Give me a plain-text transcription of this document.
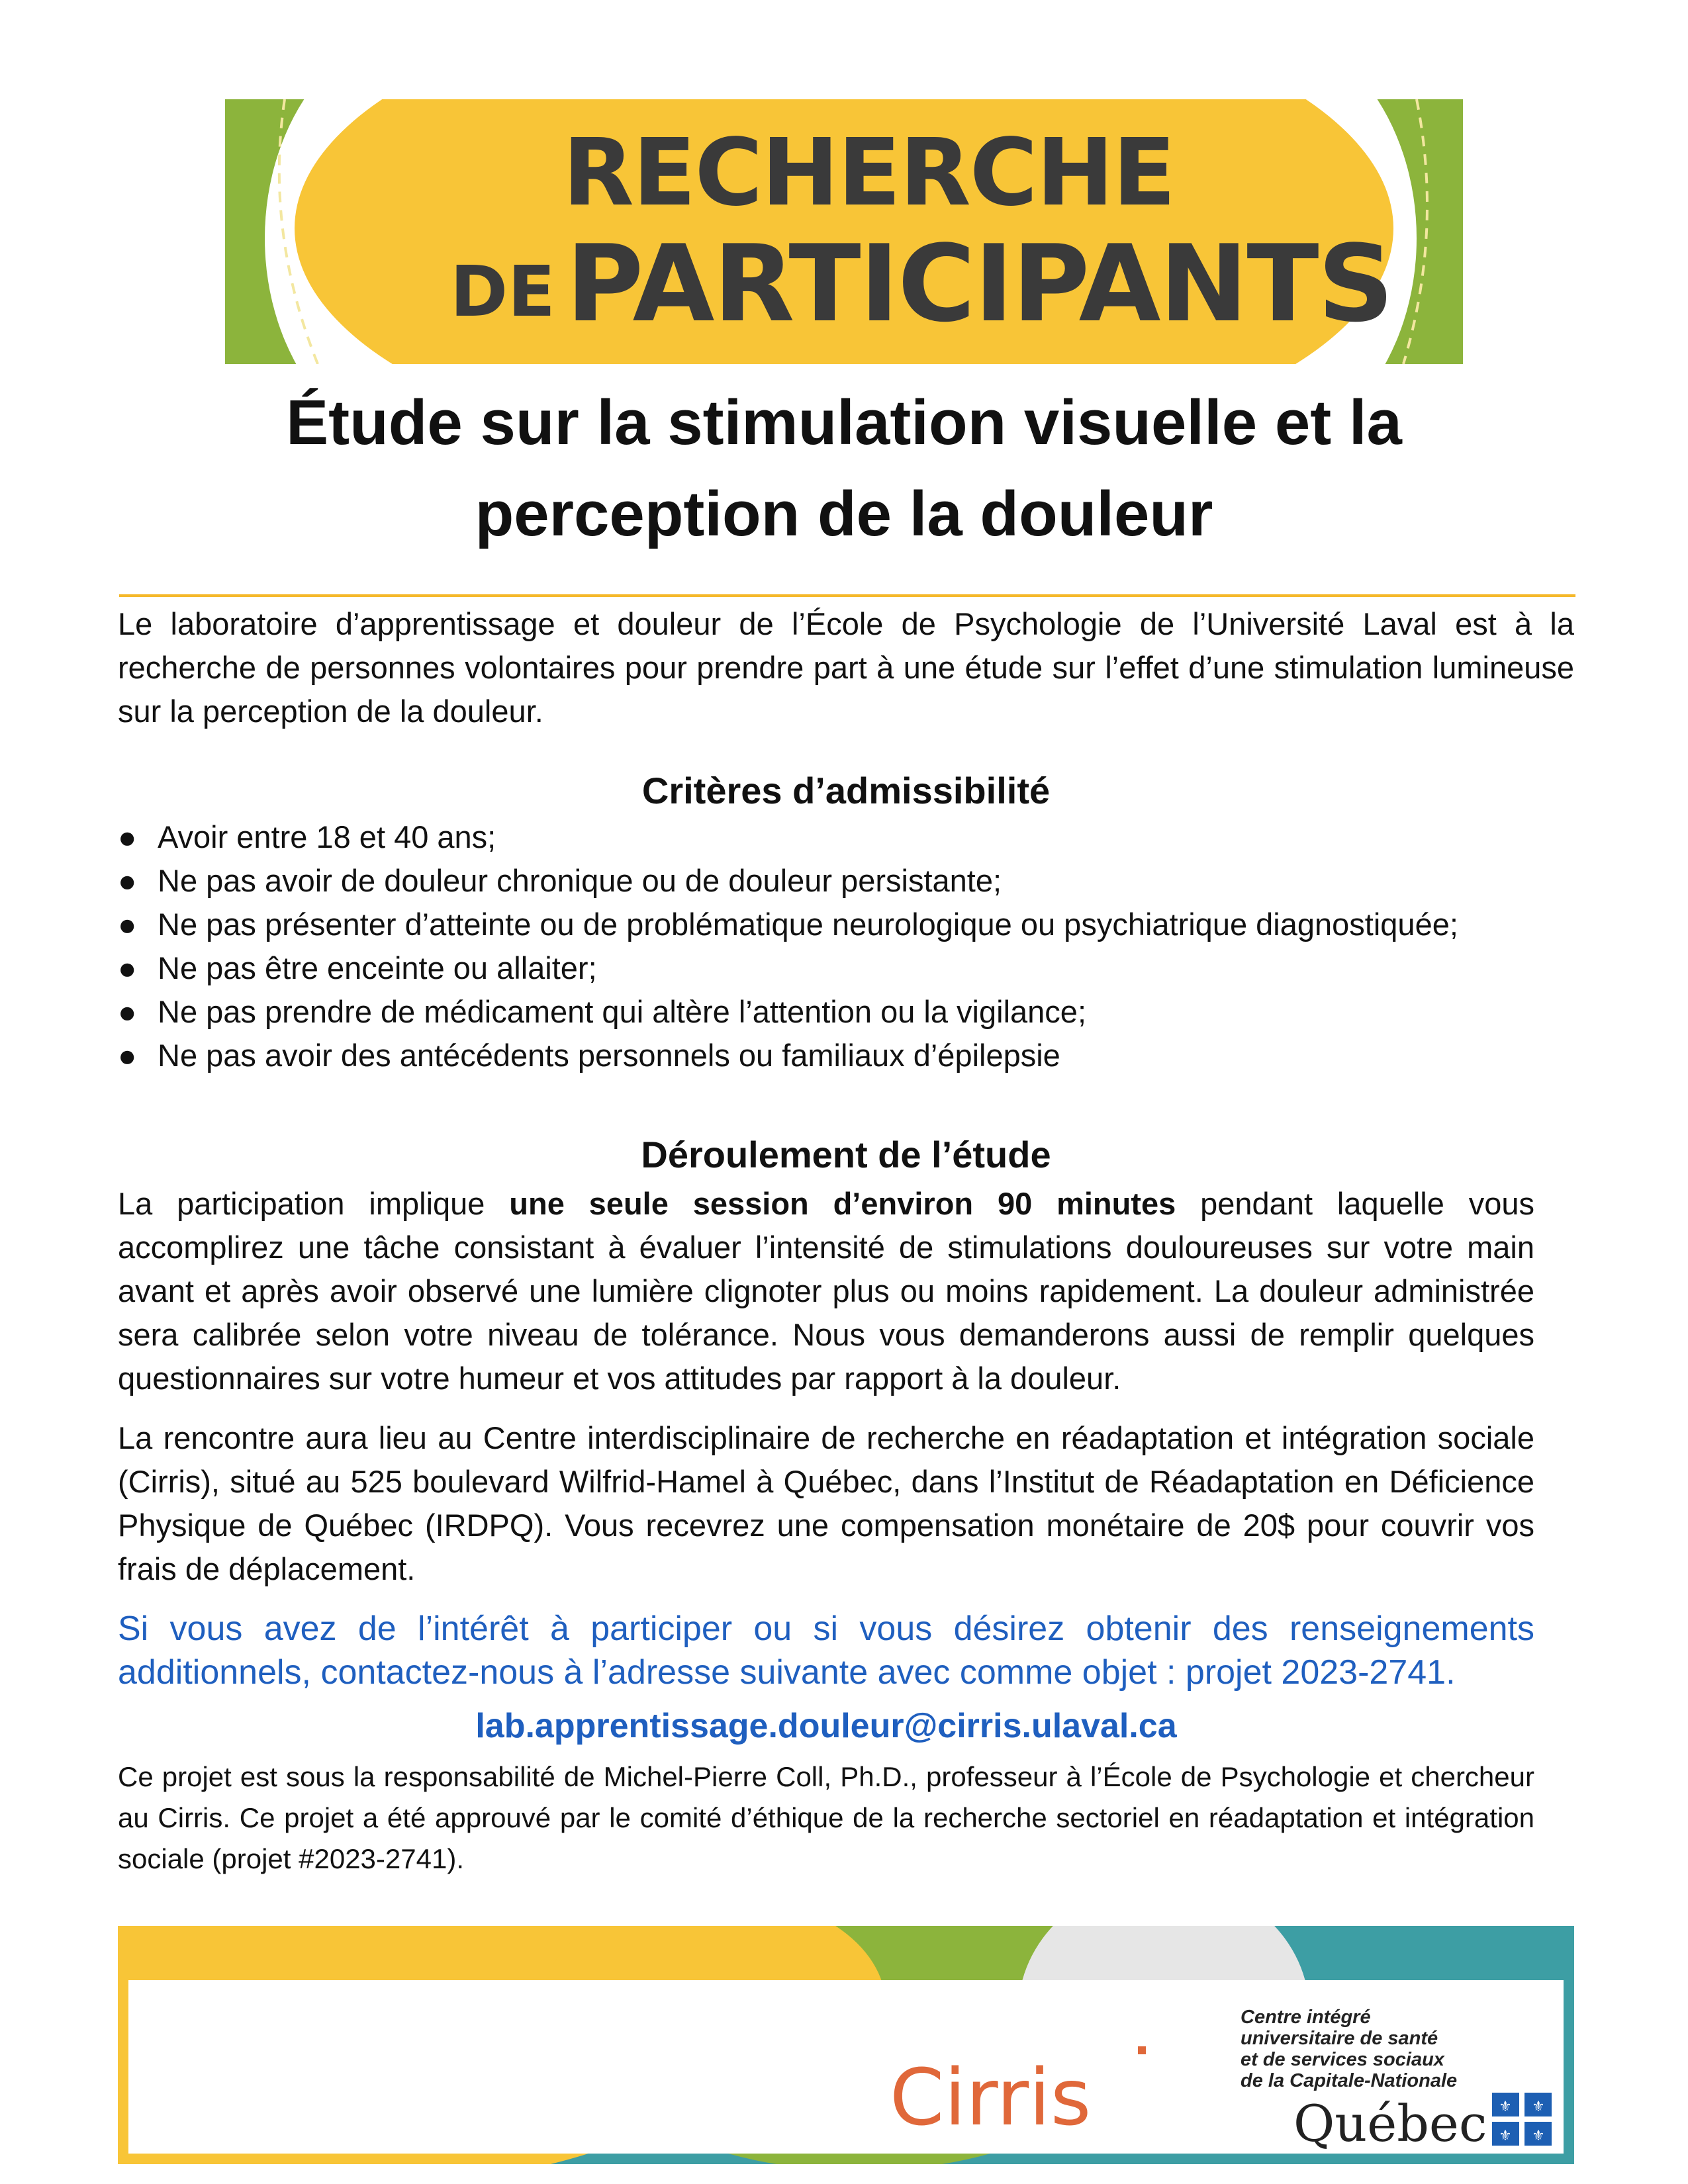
RECHERCHE
DE PARTICIPANTS
Étude sur la stimulation visuelle et la
perception de la douleur
Le laboratoire d’apprentissage et douleur de l’École de Psychologie de l’Université Laval est à la recherche de personnes volontaires pour prendre part à une étude sur l’effet d’une stimulation lumineuse sur la perception de la douleur.
Critères d’admissibilité
● Avoir entre 18 et 40 ans;
● Ne pas avoir de douleur chronique ou de douleur persistante;
● Ne pas présenter d’atteinte ou de problématique neurologique ou psychiatrique diagnostiquée;
● Ne pas être enceinte ou allaiter;
● Ne pas prendre de médicament qui altère l’attention ou la vigilance;
● Ne pas avoir des antécédents personnels ou familiaux d’épilepsie
Déroulement de l’étude
La participation implique une seule session d’environ 90 minutes pendant laquelle vous accomplirez une tâche consistant à évaluer l’intensité de stimulations douloureuses sur votre main avant et après avoir observé une lumière clignoter plus ou moins rapidement. La douleur administrée sera calibrée selon votre niveau de tolérance. Nous vous demanderons aussi de remplir quelques questionnaires sur votre humeur et vos attitudes par rapport à la douleur.
La rencontre aura lieu au Centre interdisciplinaire de recherche en réadaptation et intégration sociale (Cirris), situé au 525 boulevard Wilfrid-Hamel à Québec, dans l’Institut de Réadaptation en Déficience Physique de Québec (IRDPQ). Vous recevrez une compensation monétaire de 20$ pour couvrir vos frais de déplacement.
Si vous avez de l’intérêt à participer ou si vous désirez obtenir des renseignements additionnels, contactez-nous à l’adresse suivante avec comme objet : projet 2023-2741.
lab.apprentissage.douleur@cirris.ulaval.ca
Ce projet est sous la responsabilité de Michel-Pierre Coll, Ph.D., professeur à l’École de Psychologie et chercheur au Cirris. Ce projet a été approuvé par le comité d’éthique de la recherche sectoriel en réadaptation et intégration sociale (projet #2023-2741).
Cirris
Centre intégré
universitaire de santé
et de services sociaux
de la Capitale-Nationale
Québec ⚜ ⚜
⚜ ⚜
